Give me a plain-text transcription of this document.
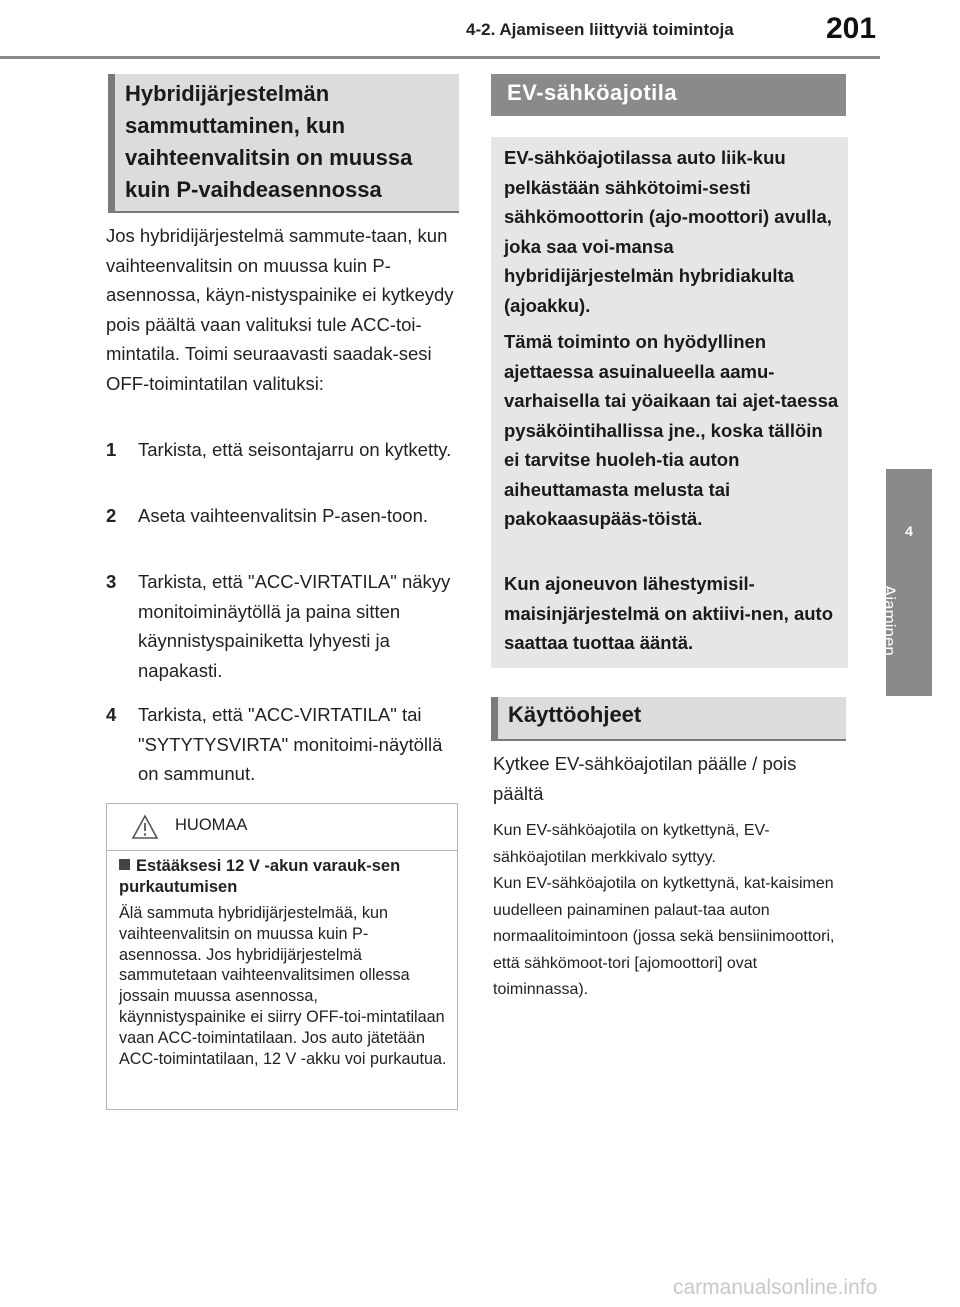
4-2. Ajamiseen liittyviä toimintoja	201
4
Ajaminen
Hybridijärjestelmän sammuttaminen, kun vaihteenvalitsin on muussa kuin P-vaihdeasennossa
Jos hybridijärjestelmä sammute-taan, kun vaihteenvalitsin on muussa kuin P-asennossa, käyn-nistyspainike ei kytkeydy pois päältä vaan valituksi tule ACC-toi-mintatila. Toimi seuraavasti saadak-sesi OFF-toimintatilan valituksi:
1 Tarkista, että seisontajarru on kytketty.
2 Aseta vaihteenvalitsin P-asen-toon.
3 Tarkista, että "ACC-VIRTATILA" näkyy monitoiminäytöllä ja paina sitten käynnistyspainiketta lyhyesti ja napakasti.
4 Tarkista, että "ACC-VIRTATILA" tai "SYTYTYSVIRTA" monitoimi-näytöllä on sammunut.
HUOMAA
Estääksesi 12 V -akun varauk-sen purkautumisen
Älä sammuta hybridijärjestelmää, kun vaihteenvalitsin on muussa kuin P-asennossa. Jos hybridijärjestelmä sammutetaan vaihteenvalitsimen ollessa jossain muussa asennossa, käynnistyspainike ei siirry OFF-toi-mintatilaan vaan ACC-toimintatilaan. Jos auto jätetään ACC-toimintatilaan, 12 V -akku voi purkautua.
EV-sähköajotila
EV-sähköajotilassa auto liik-kuu pelkästään sähkötoimi-sesti sähkömoottorin (ajo-moottori) avulla, joka saa voi-mansa hybridijärjestelmän hybridiakulta (ajoakku).
Tämä toiminto on hyödyllinen ajettaessa asuinalueella aamu-varhaisella tai yöaikaan tai ajet-taessa pysäköintihallissa jne., koska tällöin ei tarvitse huoleh-tia auton aiheuttamasta melusta tai pakokaasupääs-töistä.
Kun ajoneuvon lähestymisil-maisinjärjestelmä on aktiivi-nen, auto saattaa tuottaa ääntä.
Käyttöohjeet
Kytkee EV-sähköajotilan päälle / pois päältä
Kun EV-sähköajotila on kytkettynä, EV-sähköajotilan merkkivalo syttyy.
Kun EV-sähköajotila on kytkettynä, kat-kaisimen uudelleen painaminen palaut-taa auton normaalitoimintoon (jossa sekä bensiinimoottori, että sähkömoot-tori [ajomoottori] ovat toiminnassa).
carmanualsonline.info
